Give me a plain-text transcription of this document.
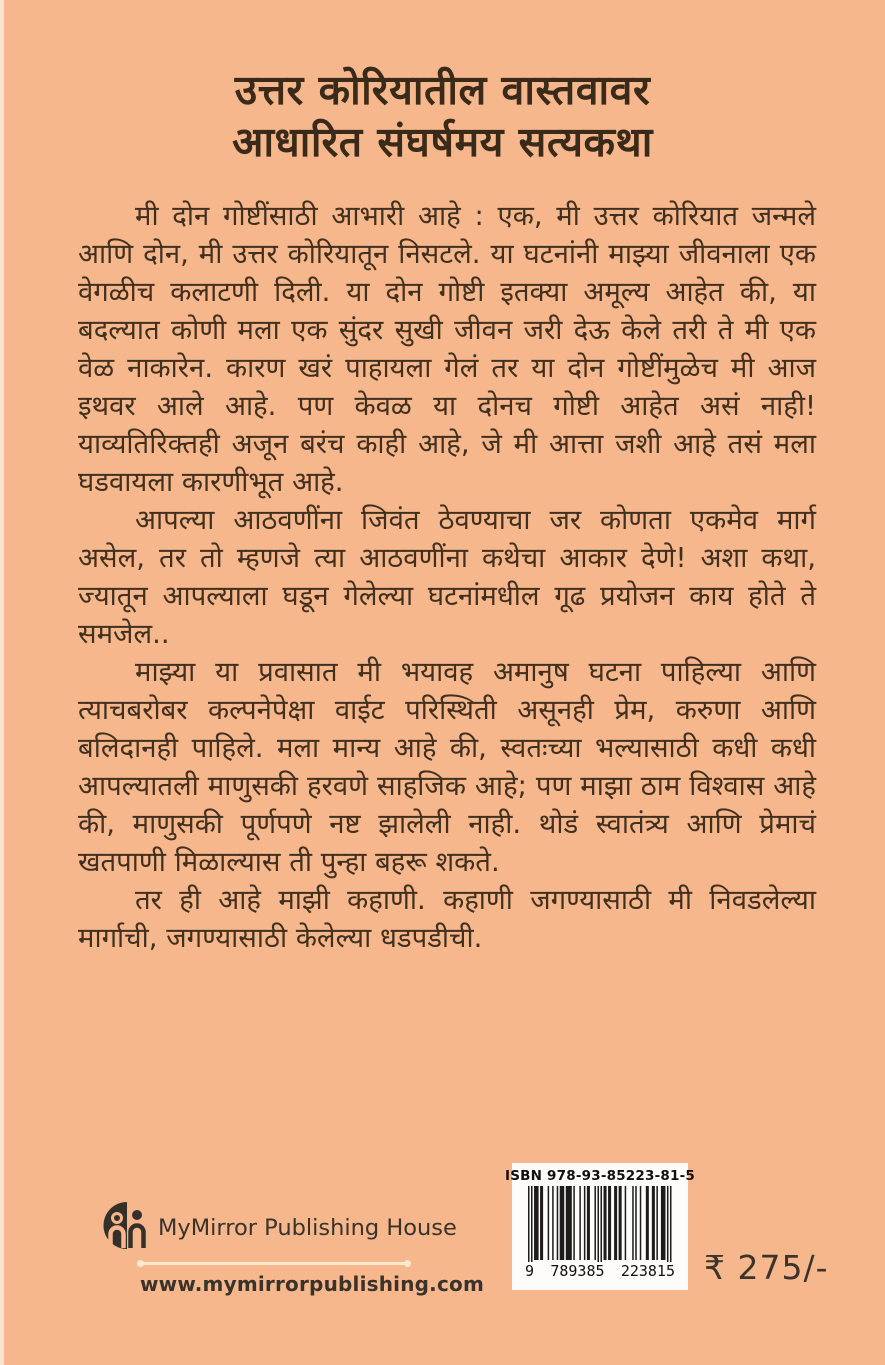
उत्तर कोरियातील वास्तवावर
आधारित संघर्षमय सत्यकथा

मी दोन गोष्टींसाठी आभारी आहे : एक, मी उत्तर कोरियात जन्मले आणि दोन, मी उत्तर कोरियातून निसटले. या घटनांनी माझ्या जीवनाला एक वेगळीच कलाटणी दिली. या दोन गोष्टी इतक्या अमूल्य आहेत की, या बदल्यात कोणी मला एक सुंदर सुखी जीवन जरी देऊ केले तरी ते मी एक वेळ नाकारेन. कारण खरं पाहायला गेलं तर या दोन गोष्टींमुळेच मी आज इथवर आले आहे. पण केवळ या दोनच गोष्टी आहेत असं नाही! याव्यतिरिक्तही अजून बरंच काही आहे, जे मी आत्ता जशी आहे तसं मला घडवायला कारणीभूत आहे.

आपल्या आठवणींना जिवंत ठेवण्याचा जर कोणता एकमेव मार्ग असेल, तर तो म्हणजे त्या आठवणींना कथेचा आकार देणे! अशा कथा, ज्यातून आपल्याला घडून गेलेल्या घटनांमधील गूढ प्रयोजन काय होते ते समजेल..

माझ्या या प्रवासात मी भयावह अमानुष घटना पाहिल्या आणि त्याचबरोबर कल्पनेपेक्षा वाईट परिस्थिती असूनही प्रेम, करुणा आणि बलिदानही पाहिले. मला मान्य आहे की, स्वतःच्या भल्यासाठी कधी कधी आपल्यातली माणुसकी हरवणे साहजिक आहे; पण माझा ठाम विश्वास आहे की, माणुसकी पूर्णपणे नष्ट झालेली नाही. थोडं स्वातंत्र्य आणि प्रेमाचं खतपाणी मिळाल्यास ती पुन्हा बहरू शकते.

तर ही आहे माझी कहाणी. कहाणी जगण्यासाठी मी निवडलेल्या मार्गाची, जगण्यासाठी केलेल्या धडपडीची.

MyMirror Publishing House
www.mymirrorpublishing.com
ISBN 978-93-85223-81-5
9 789385 223815 ₹ 275/-
